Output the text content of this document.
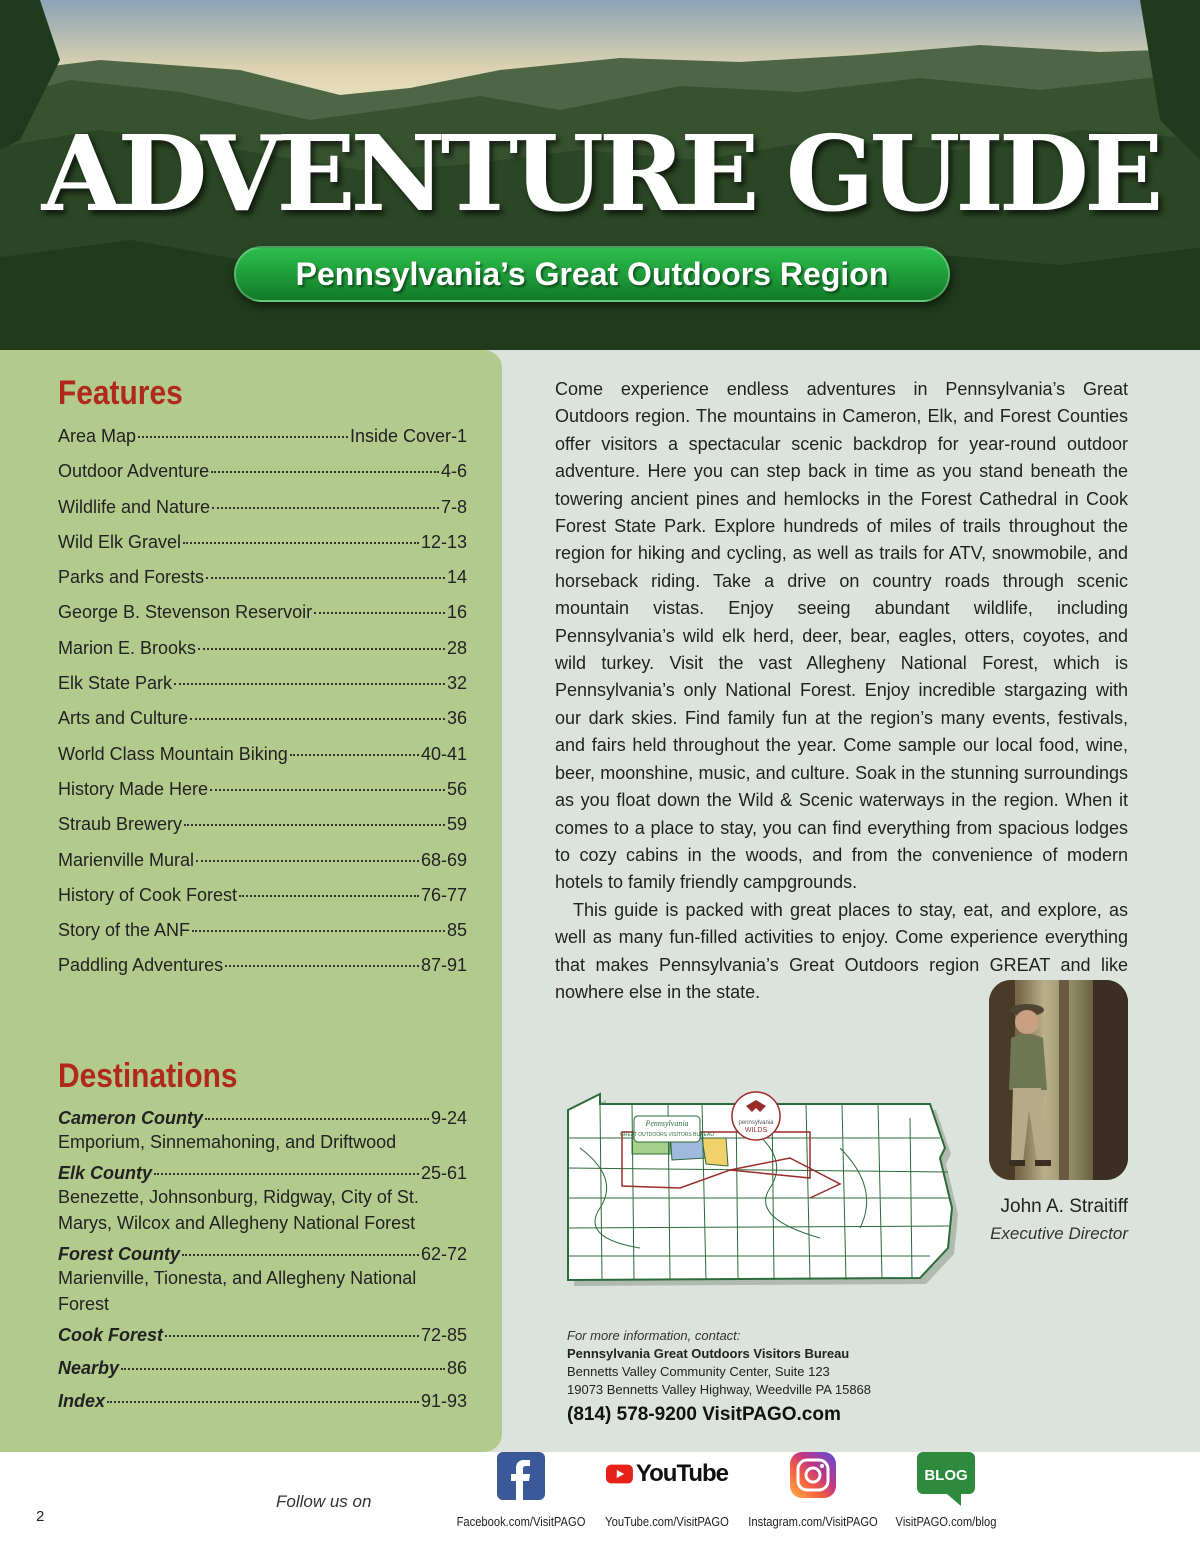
ADVENTURE GUIDE
Pennsylvania’s Great Outdoors Region
Features
Area Map	Inside Cover-1
Outdoor Adventure	4-6
Wildlife and Nature	7-8
Wild Elk Gravel	12-13
Parks and Forests	14
George B. Stevenson Reservoir	16
Marion E. Brooks	28
Elk State Park	32
Arts and Culture	36
World Class Mountain Biking	40-41
History Made Here	56
Straub Brewery	59
Marienville Mural	68-69
History of Cook Forest	76-77
Story of the ANF	85
Paddling Adventures	87-91
Destinations
Cameron County	9-24
Emporium, Sinnemahoning, and Driftwood
Elk County	25-61
Benezette, Johnsonburg, Ridgway, City of St. Marys, Wilcox and Allegheny National Forest
Forest County	62-72
Marienville, Tionesta, and Allegheny National Forest
Cook Forest	72-85
Nearby	86
Index	91-93

Come experience endless adventures in Pennsylvania’s Great Outdoors region. The mountains in Cameron, Elk, and Forest Counties offer visitors a spectacular scenic backdrop for year-round outdoor adventure. Here you can step back in time as you stand beneath the towering ancient pines and hemlocks in the Forest Cathedral in Cook Forest State Park. Explore hundreds of miles of trails throughout the region for hiking and cycling, as well as trails for ATV, snowmobile, and horseback riding. Take a drive on country roads through scenic mountain vistas. Enjoy seeing abundant wildlife, including Pennsylvania’s wild elk herd, deer, bear, eagles, otters, coyotes, and wild turkey. Visit the vast Allegheny National Forest, which is Pennsylvania’s only National Forest. Enjoy incredible stargazing with our dark skies. Find family fun at the region’s many events, festivals, and fairs held throughout the year. Come sample our local food, wine, beer, moonshine, music, and culture. Soak in the stunning surroundings as you float down the Wild & Scenic waterways in the region. When it comes to a place to stay, you can find everything from spacious lodges to cozy cabins in the woods, and from the convenience of modern hotels to family friendly campgrounds.

This guide is packed with great places to stay, eat, and explore, as well as many fun-filled activities to enjoy. Come experience everything that makes Pennsylvania’s Great Outdoors region GREAT and like nowhere else in the state.

John A. Straitiff
Executive Director
Pennsylvania
GREAT OUTDOORS VISITORS BUREAU
pennsylvania
WILDS
For more information, contact:
Pennsylvania Great Outdoors Visitors Bureau
Bennetts Valley Community Center, Suite 123
19073 Bennetts Valley Highway, Weedville PA 15868
(814) 578-9200 VisitPAGO.com
2
Follow us on
Facebook.com/VisitPAGO
YouTube
YouTube.com/VisitPAGO Instagram.com/VisitPAGO
BLOG
VisitPAGO.com/blog
